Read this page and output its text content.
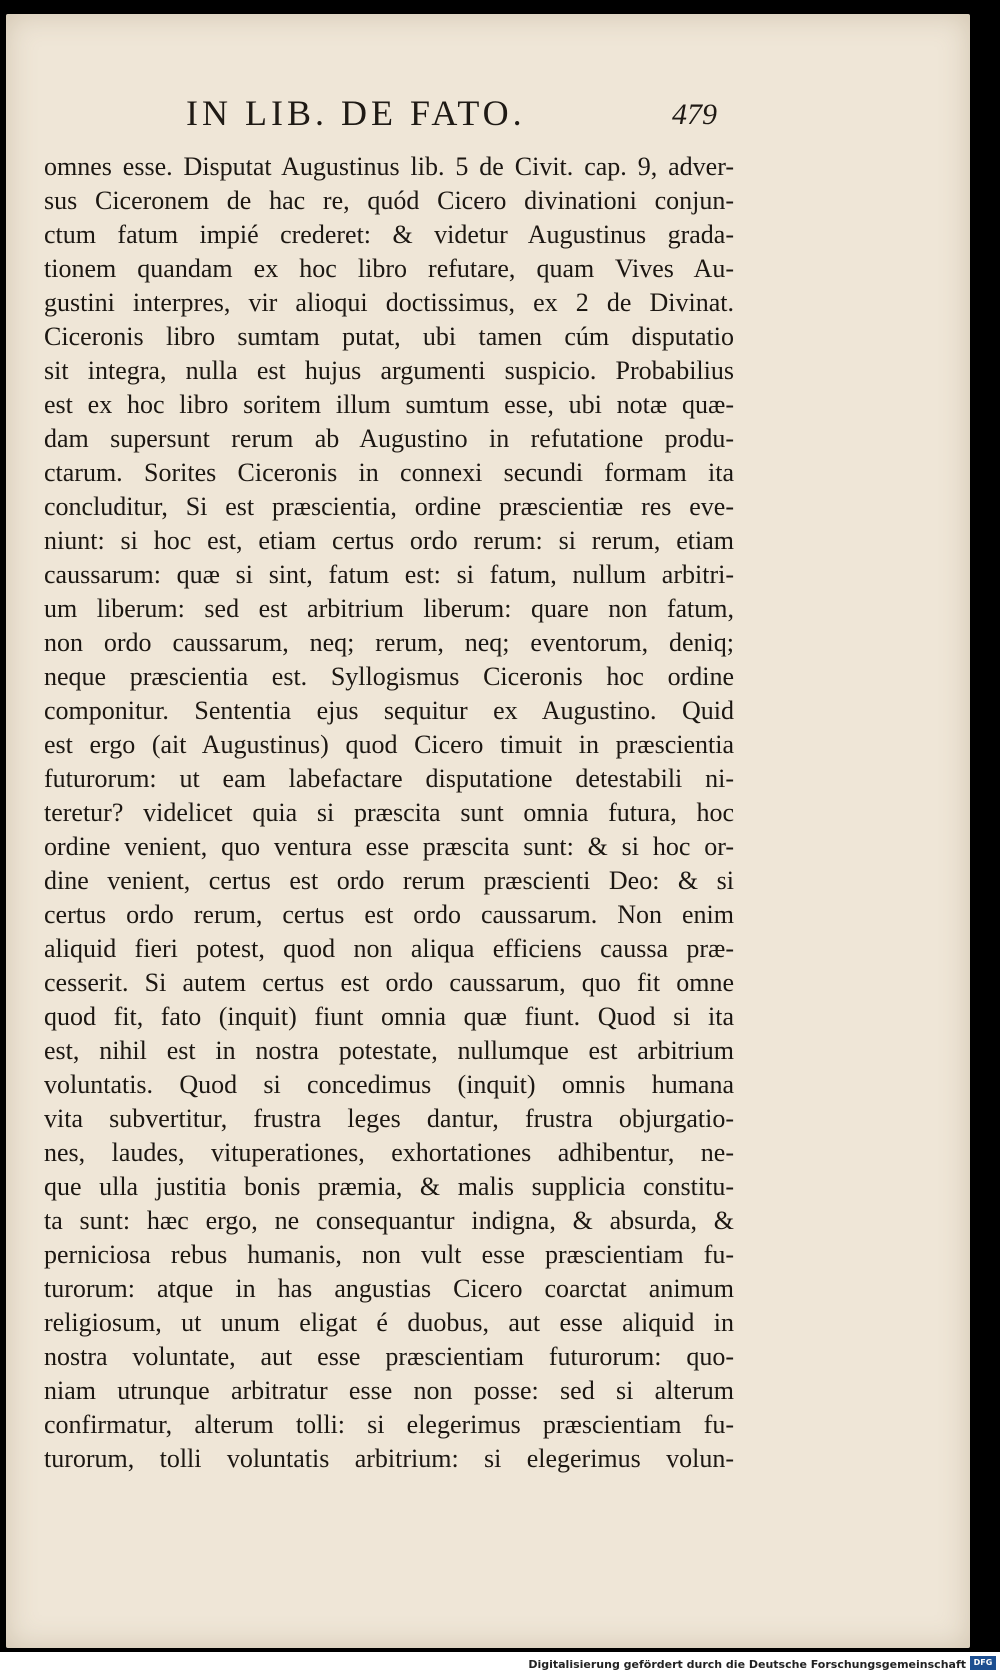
IN LIB. DE FATO.	479
omnes esse. Disputat Augustinus lib. 5 de Civit. cap. 9, adver-
sus Ciceronem de hac re, quód Cicero divinationi conjun-
ctum fatum impié crederet: & videtur Augustinus grada-
tionem quandam ex hoc libro refutare, quam Vives Au-
gustini interpres, vir alioqui doctissimus, ex 2 de Divinat.
Ciceronis libro sumtam putat, ubi tamen cúm disputatio
sit integra, nulla est hujus argumenti suspicio. Probabilius
est ex hoc libro soritem illum sumtum esse, ubi notæ quæ-
dam supersunt rerum ab Augustino in refutatione produ-
ctarum. Sorites Ciceronis in connexi secundi formam ita
concluditur, Si est præscientia, ordine præscientiæ res eve-
niunt: si hoc est, etiam certus ordo rerum: si rerum, etiam
caussarum: quæ si sint, fatum est: si fatum, nullum arbitri-
um liberum: sed est arbitrium liberum: quare non fatum,
non ordo caussarum, neq; rerum, neq; eventorum, deniq;
neque præscientia est. Syllogismus Ciceronis hoc ordine
componitur. Sententia ejus sequitur ex Augustino. Quid
est ergo (ait Augustinus) quod Cicero timuit in præscientia
futurorum: ut eam labefactare disputatione detestabili ni-
teretur? videlicet quia si præscita sunt omnia futura, hoc
ordine venient, quo ventura esse præscita sunt: & si hoc or-
dine venient, certus est ordo rerum præscienti Deo: & si
certus ordo rerum, certus est ordo caussarum. Non enim
aliquid fieri potest, quod non aliqua efficiens caussa præ-
cesserit. Si autem certus est ordo caussarum, quo fit omne
quod fit, fato (inquit) fiunt omnia quæ fiunt. Quod si ita
est, nihil est in nostra potestate, nullumque est arbitrium
voluntatis. Quod si concedimus (inquit) omnis humana
vita subvertitur, frustra leges dantur, frustra objurgatio-
nes, laudes, vituperationes, exhortationes adhibentur, ne-
que ulla justitia bonis præmia, & malis supplicia constitu-
ta sunt: hæc ergo, ne consequantur indigna, & absurda, &
perniciosa rebus humanis, non vult esse præscientiam fu-
turorum: atque in has angustias Cicero coarctat animum
religiosum, ut unum eligat é duobus, aut esse aliquid in
nostra voluntate, aut esse præscientiam futurorum: quo-
niam utrunque arbitratur esse non posse: sed si alterum
confirmatur, alterum tolli: si elegerimus præscientiam fu-
turorum, tolli voluntatis arbitrium: si elegerimus volun-
Digitalisierung gefördert durch die Deutsche Forschungsgemeinschaft DFG
